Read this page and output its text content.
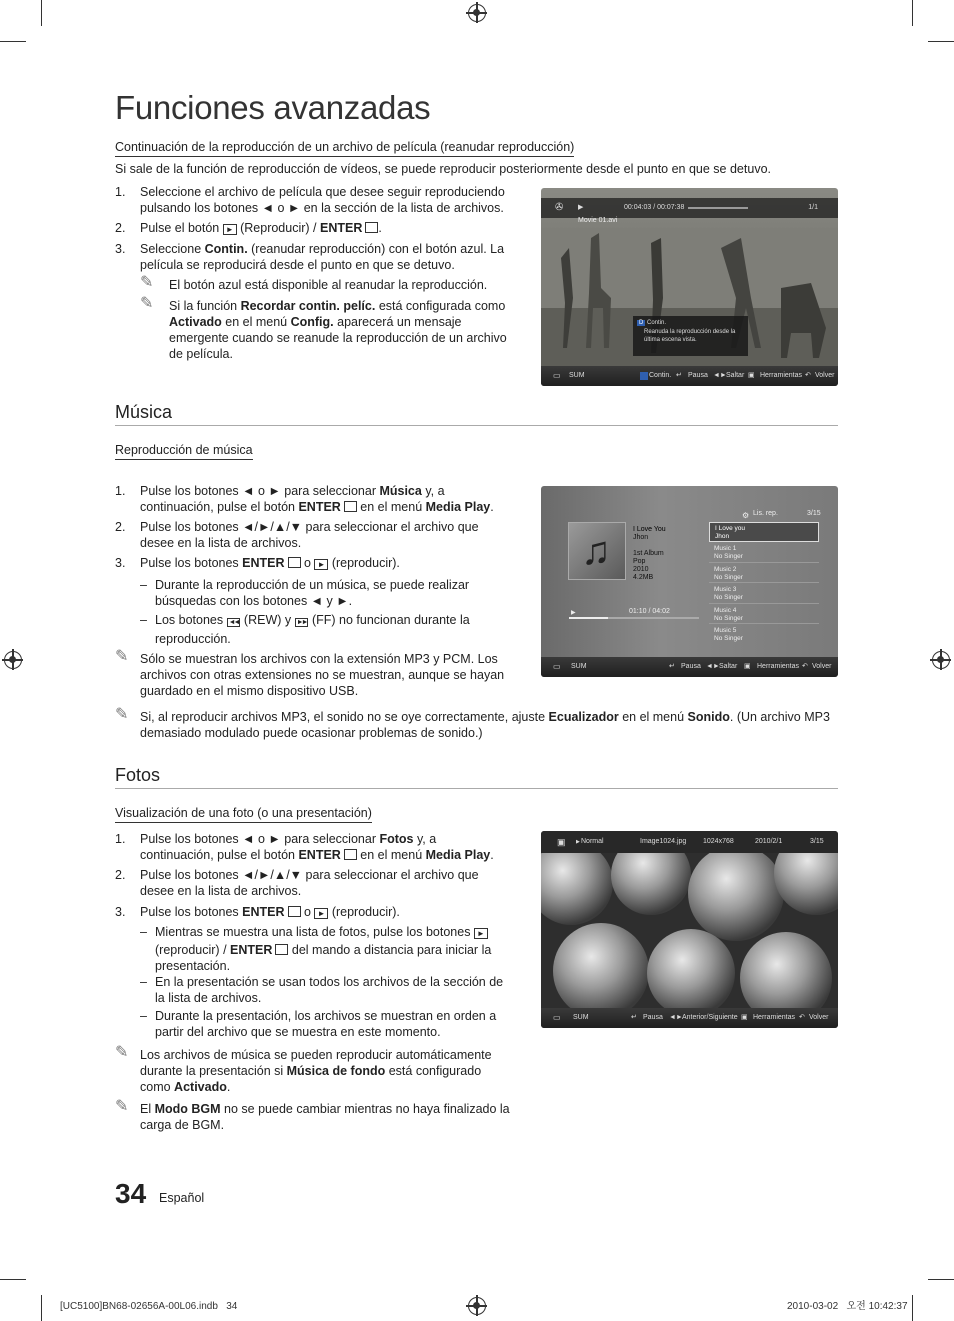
Funciones avanzadas
Continuación de la reproducción de un archivo de película (reanudar reproducción)
Si sale de la función de reproducción de vídeos, se puede reproducir posteriormente desde el punto en que se detuvo.
1. Seleccione el archivo de película que desee seguir reproduciendo pulsando los botones ◄ o ► en la sección de la lista de archivos.
2. Pulse el botón ► (Reproducir) / ENTER .
3. Seleccione Contin. (reanudar reproducción) con el botón azul. La película se reproducirá desde el punto en que se detuvo.
✎ El botón azul está disponible al reanudar la reproducción.
✎ Si la función Recordar contin. pelíc. está configurada como Activado en el menú Config. aparecerá un mensaje emergente cuando se reanude la reproducción de un archivo de película.
✇ ▶	00:04:03 / 00:07:38	1/1
Movie 01.avi
D Contin.
Reanuda la reproducción desde la última escena vista.
▭ SUM	Contin. ↵ Pausa ◄► Saltar ▣ Herramientas ↶ Volver
Música
Reproducción de música
1. Pulse los botones ◄ o ► para seleccionar Música y, a continuación, pulse el botón ENTER en el menú Media Play.
2. Pulse los botones ◄/►/▲/▼ para seleccionar el archivo que desee en la lista de archivos.
3. Pulse los botones ENTER o ► (reproducir).
– Durante la reproducción de un música, se puede realizar búsquedas con los botones ◄ y ►.
– Los botones ◄◄ (REW) y ►► (FF) no funcionan durante la reproducción.
✎ Sólo se muestran los archivos con la extensión MP3 y PCM. Los archivos con otras extensiones no se muestran, aunque se hayan guardado en el mismo dispositivo USB.
✎ Si, al reproducir archivos MP3, el sonido no se oye correctamente, ajuste Ecualizador en el menú Sonido. (Un archivo MP3 demasiado modulado puede ocasionar problemas de sonido.)
⚙ Lis. rep.	3/15
♫	I Love You
Jhon
1st Album
Pop
2010
4.2MB
▶	01:10 / 04:02
I Love you
Jhon
Music 1
No Singer
Music 2
No Singer
Music 3
No Singer
Music 4
No Singer
Music 5
No Singer
▭ SUM	↵ Pausa ◄► Saltar ▣ Herramientas ↶ Volver
Fotos
Visualización de una foto (o una presentación)
1. Pulse los botones ◄ o ► para seleccionar Fotos y, a continuación, pulse el botón ENTER en el menú Media Play.
2. Pulse los botones ◄/►/▲/▼ para seleccionar el archivo que desee en la lista de archivos.
3. Pulse los botones ENTER o ► (reproducir).
– Mientras se muestra una lista de fotos, pulse los botones ► (reproducir) / ENTER del mando a distancia para iniciar la presentación.
– En la presentación se usan todos los archivos de la sección de la lista de archivos.
– Durante la presentación, los archivos se muestran en orden a partir del archivo que se muestra en este momento.
✎ Los archivos de música se pueden reproducir automáticamente durante la presentación si Música de fondo está configurado como Activado.
✎ El Modo BGM no se puede cambiar mientras no haya finalizado la carga de BGM.
▣ ▶ Normal	Image1024.jpg 1024x768	2010/2/1	3/15
▭ SUM	↵ Pausa ◄► Anterior/Siguiente ▣ Herramientas ↶ Volver
34 Español
[UC5100]BN68-02656A-00L06.indb   34	2010-03-02   오전 10:42:37
